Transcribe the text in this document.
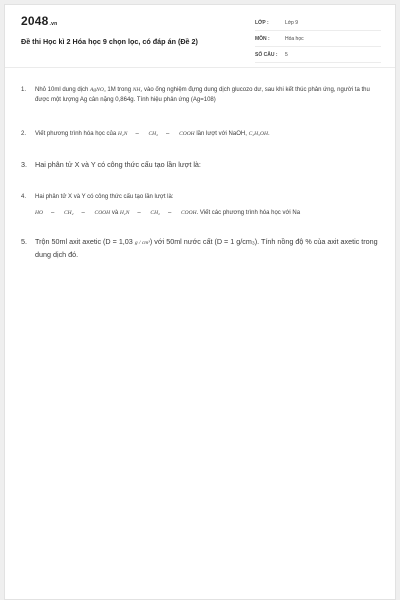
2048.vn
Đề thi Học kì 2 Hóa học 9 chọn lọc, có đáp án (Đề 2)
LỚP :	Lớp 9
MÔN :	Hóa học
SỐ CÂU :	5
1.	Nhỏ 10ml dung dịch AgNO₃ 1M trong NH₃ vào ống nghiệm đựng dung dịch glucozo dư, sau khi kết thúc phản ứng, người ta thu được một lượng Ag cân nặng 0,864g. Tính hiệu phản ứng (Ag=108)
2.	Viết phương trình hóa học của H₂N – CH₂ – COOH lần lượt với NaOH, C₂H₅OH.
3.	Hai phân tử X và Y có công thức cấu tạo lần lượt là:
4.	Hai phân tử X và Y có công thức cấu tạo lần lượt là:
HO – CH₂ – COOH và H₂N – CH₂ – COOH. Viết các phương trình hóa học với Na
5.	Trộn 50ml axit axetic (D = 1,03 g / cm³) với 50ml nước cất (D = 1 g/cm₃). Tính nồng độ % của axit axetic trong dung dịch đó.
